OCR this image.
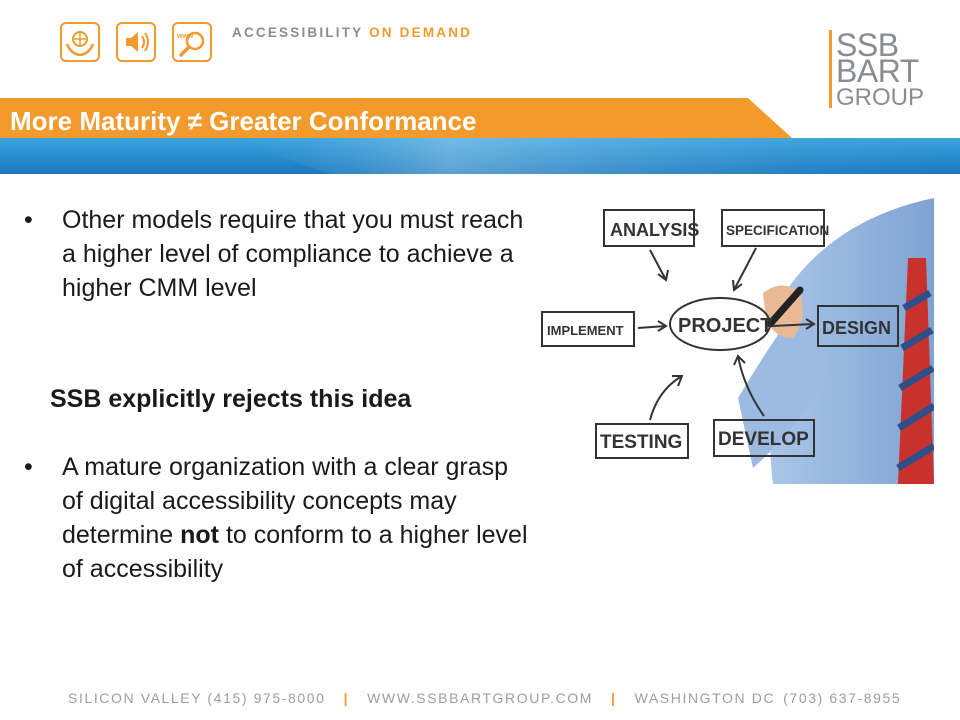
www	ACCESSIBILITY ON DEMAND	SSB
BART
GROUP
More Maturity ≠ Greater Conformance
• Other models require that you must reach a higher level of compliance to achieve a higher CMM level
SSB explicitly rejects this idea
• A mature organization with a clear grasp of digital accessibility concepts may determine not to conform to a higher level of accessibility
ANALYSIS SPECIFICATION
IMPLEMENT	PROJECT	DESIGN
TESTING DEVELOP
SILICON VALLEY (415) 975-8000 | WWW.SSBBARTGROUP.COM | WASHINGTON DC (703) 637-8955
